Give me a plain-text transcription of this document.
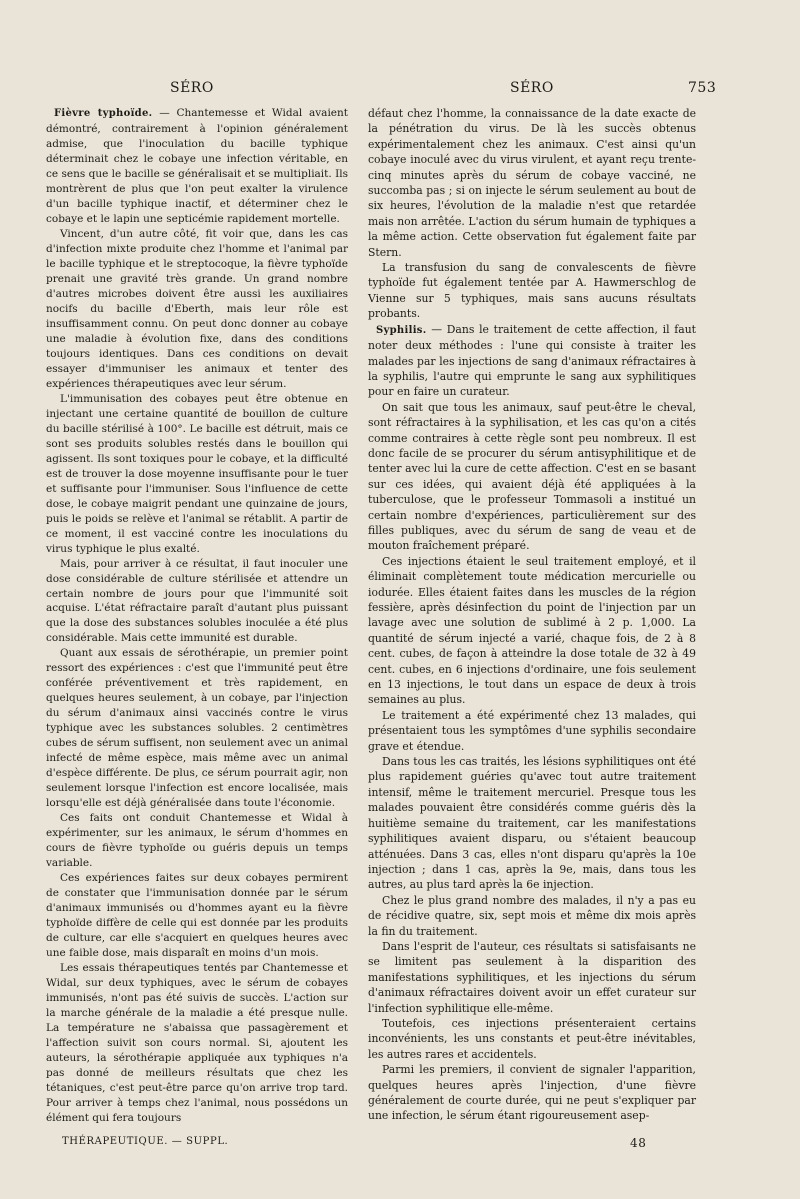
SÉRO	SÉRO	753

Fièvre typhoïde. — Chantemesse et Widal avaient démontré, contrairement à l'opinion généralement admise, que l'inoculation du bacille typhique déterminait chez le cobaye une infection véritable, en ce sens que le bacille se généralisait et se multipliait. Ils montrèrent de plus que l'on peut exalter la virulence d'un bacille typhique inactif, et déterminer chez le cobaye et le lapin une septicémie rapidement mortelle.

Vincent, d'un autre côté, fit voir que, dans les cas d'infection mixte produite chez l'homme et l'animal par le bacille typhique et le streptocoque, la fièvre typhoïde prenait une gravité très grande. Un grand nombre d'autres microbes doivent être aussi les auxiliaires nocifs du bacille d'Eberth, mais leur rôle est insuffisamment connu. On peut donc donner au cobaye une maladie à évolution fixe, dans des conditions toujours identiques. Dans ces conditions on devait essayer d'immuniser les animaux et tenter des expériences thérapeutiques avec leur sérum.

L'immunisation des cobayes peut être obtenue en injectant une certaine quantité de bouillon de culture du bacille stérilisé à 100°. Le bacille est détruit, mais ce sont ses produits solubles restés dans le bouillon qui agissent. Ils sont toxiques pour le cobaye, et la difficulté est de trouver la dose moyenne insuffisante pour le tuer et suffisante pour l'immuniser. Sous l'influence de cette dose, le cobaye maigrit pendant une quinzaine de jours, puis le poids se relève et l'animal se rétablit. A partir de ce moment, il est vacciné contre les inoculations du virus typhique le plus exalté.

Mais, pour arriver à ce résultat, il faut inoculer une dose considérable de culture stérilisée et attendre un certain nombre de jours pour que l'immunité soit acquise. L'état réfractaire paraît d'autant plus puissant que la dose des substances solubles inoculée a été plus considérable. Mais cette immunité est durable.

Quant aux essais de sérothérapie, un premier point ressort des expériences : c'est que l'immunité peut être conférée préventivement et très rapidement, en quelques heures seulement, à un cobaye, par l'injection du sérum d'animaux ainsi vaccinés contre le virus typhique avec les substances solubles. 2 centimètres cubes de sérum suffisent, non seulement avec un animal infecté de même espèce, mais même avec un animal d'espèce différente. De plus, ce sérum pourrait agir, non seulement lorsque l'infection est encore localisée, mais lorsqu'elle est déjà généralisée dans toute l'économie.

Ces faits ont conduit Chantemesse et Widal à expérimenter, sur les animaux, le sérum d'hommes en cours de fièvre typhoïde ou guéris depuis un temps variable.

Ces expériences faites sur deux cobayes permirent de constater que l'immunisation donnée par le sérum d'animaux immunisés ou d'hommes ayant eu la fièvre typhoïde diffère de celle qui est donnée par les produits de culture, car elle s'acquiert en quelques heures avec une faible dose, mais disparaît en moins d'un mois.

Les essais thérapeutiques tentés par Chantemesse et Widal, sur deux typhiques, avec le sérum de cobayes immunisés, n'ont pas été suivis de succès. L'action sur la marche générale de la maladie a été presque nulle. La température ne s'abaissa que passagèrement et l'affection suivit son cours normal. Si, ajoutent les auteurs, la sérothérapie appliquée aux typhiques n'a pas donné de meilleurs résultats que chez les tétaniques, c'est peut-être parce qu'on arrive trop tard. Pour arriver à temps chez l'animal, nous possédons un élément qui fera toujours

défaut chez l'homme, la connaissance de la date exacte de la pénétration du virus. De là les succès obtenus expérimentalement chez les animaux. C'est ainsi qu'un cobaye inoculé avec du virus virulent, et ayant reçu trente-cinq minutes après du sérum de cobaye vacciné, ne succomba pas ; si on injecte le sérum seulement au bout de six heures, l'évolution de la maladie n'est que retardée mais non arrêtée. L'action du sérum humain de typhiques a la même action. Cette observation fut également faite par Stern.

La transfusion du sang de convalescents de fièvre typhoïde fut également tentée par A. Hawmerschlog de Vienne sur 5 typhiques, mais sans aucuns résultats probants.

Syphilis. — Dans le traitement de cette affection, il faut noter deux méthodes : l'une qui consiste à traiter les malades par les injections de sang d'animaux réfractaires à la syphilis, l'autre qui emprunte le sang aux syphilitiques pour en faire un curateur.

On sait que tous les animaux, sauf peut-être le cheval, sont réfractaires à la syphilisation, et les cas qu'on a cités comme contraires à cette règle sont peu nombreux. Il est donc facile de se procurer du sérum antisyphilitique et de tenter avec lui la cure de cette affection. C'est en se basant sur ces idées, qui avaient déjà été appliquées à la tuberculose, que le professeur Tommasoli a institué un certain nombre d'expériences, particulièrement sur des filles publiques, avec du sérum de sang de veau et de mouton fraîchement préparé.

Ces injections étaient le seul traitement employé, et il éliminait complètement toute médication mercurielle ou iodurée. Elles étaient faites dans les muscles de la région fessière, après désinfection du point de l'injection par un lavage avec une solution de sublimé à 2 p. 1,000. La quantité de sérum injecté a varié, chaque fois, de 2 à 8 cent. cubes, de façon à atteindre la dose totale de 32 à 49 cent. cubes, en 6 injections d'ordinaire, une fois seulement en 13 injections, le tout dans un espace de deux à trois semaines au plus.

Le traitement a été expérimenté chez 13 malades, qui présentaient tous les symptômes d'une syphilis secondaire grave et étendue.

Dans tous les cas traités, les lésions syphilitiques ont été plus rapidement guéries qu'avec tout autre traitement intensif, même le traitement mercuriel. Presque tous les malades pouvaient être considérés comme guéris dès la huitième semaine du traitement, car les manifestations syphilitiques avaient disparu, ou s'étaient beaucoup atténuées. Dans 3 cas, elles n'ont disparu qu'après la 10e injection ; dans 1 cas, après la 9e, mais, dans tous les autres, au plus tard après la 6e injection.

Chez le plus grand nombre des malades, il n'y a pas eu de récidive quatre, six, sept mois et même dix mois après la fin du traitement.

Dans l'esprit de l'auteur, ces résultats si satisfaisants ne se limitent pas seulement à la disparition des manifestations syphilitiques, et les injections du sérum d'animaux réfractaires doivent avoir un effet curateur sur l'infection syphilitique elle-même.

Toutefois, ces injections présenteraient certains inconvénients, les uns constants et peut-être inévitables, les autres rares et accidentels.

Parmi les premiers, il convient de signaler l'apparition, quelques heures après l'injection, d'une fièvre généralement de courte durée, qui ne peut s'expliquer par une infection, le sérum étant rigoureusement asep-

THÉRAPEUTIQUE. — SUPPL.	48
